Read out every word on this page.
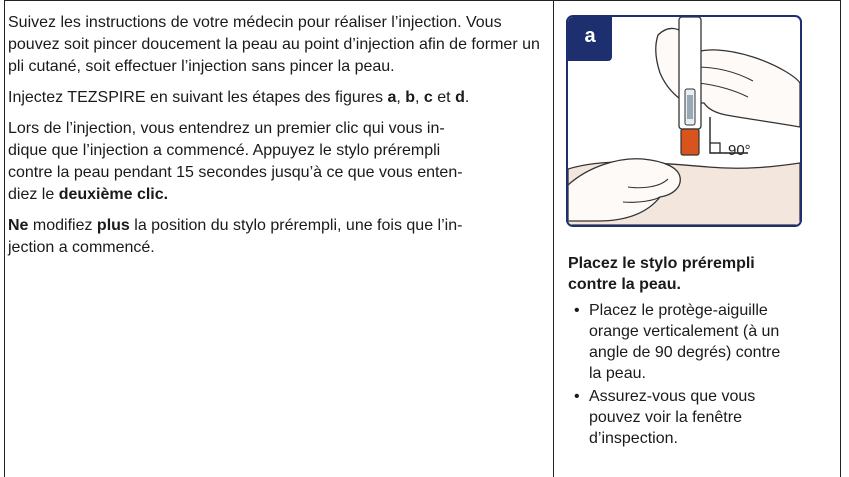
Suivez les instructions de votre médecin pour réaliser l’injection. Vous pouvez soit pincer doucement la peau au point d’injection afin de former un pli cutané, soit effectuer l’injection sans pincer la peau.

Injectez TEZSPIRE en suivant les étapes des figures a, b, c et d.

Lors de l’injection, vous entendrez un premier clic qui vous in-
dique que l’injection a commencé. Appuyez le stylo prérempli
contre la peau pendant 15 secondes jusqu’à ce que vous enten-
diez le deuxième clic.

Ne modifiez plus la position du stylo prérempli, une fois que l’in-
jection a commencé.

a
90°
Placez le stylo prérempli
contre la peau.
• Placez le protège-aiguille
orange verticalement (à un
angle de 90 degrés) contre
la peau.
• Assurez-vous que vous
pouvez voir la fenêtre
d’inspection.
